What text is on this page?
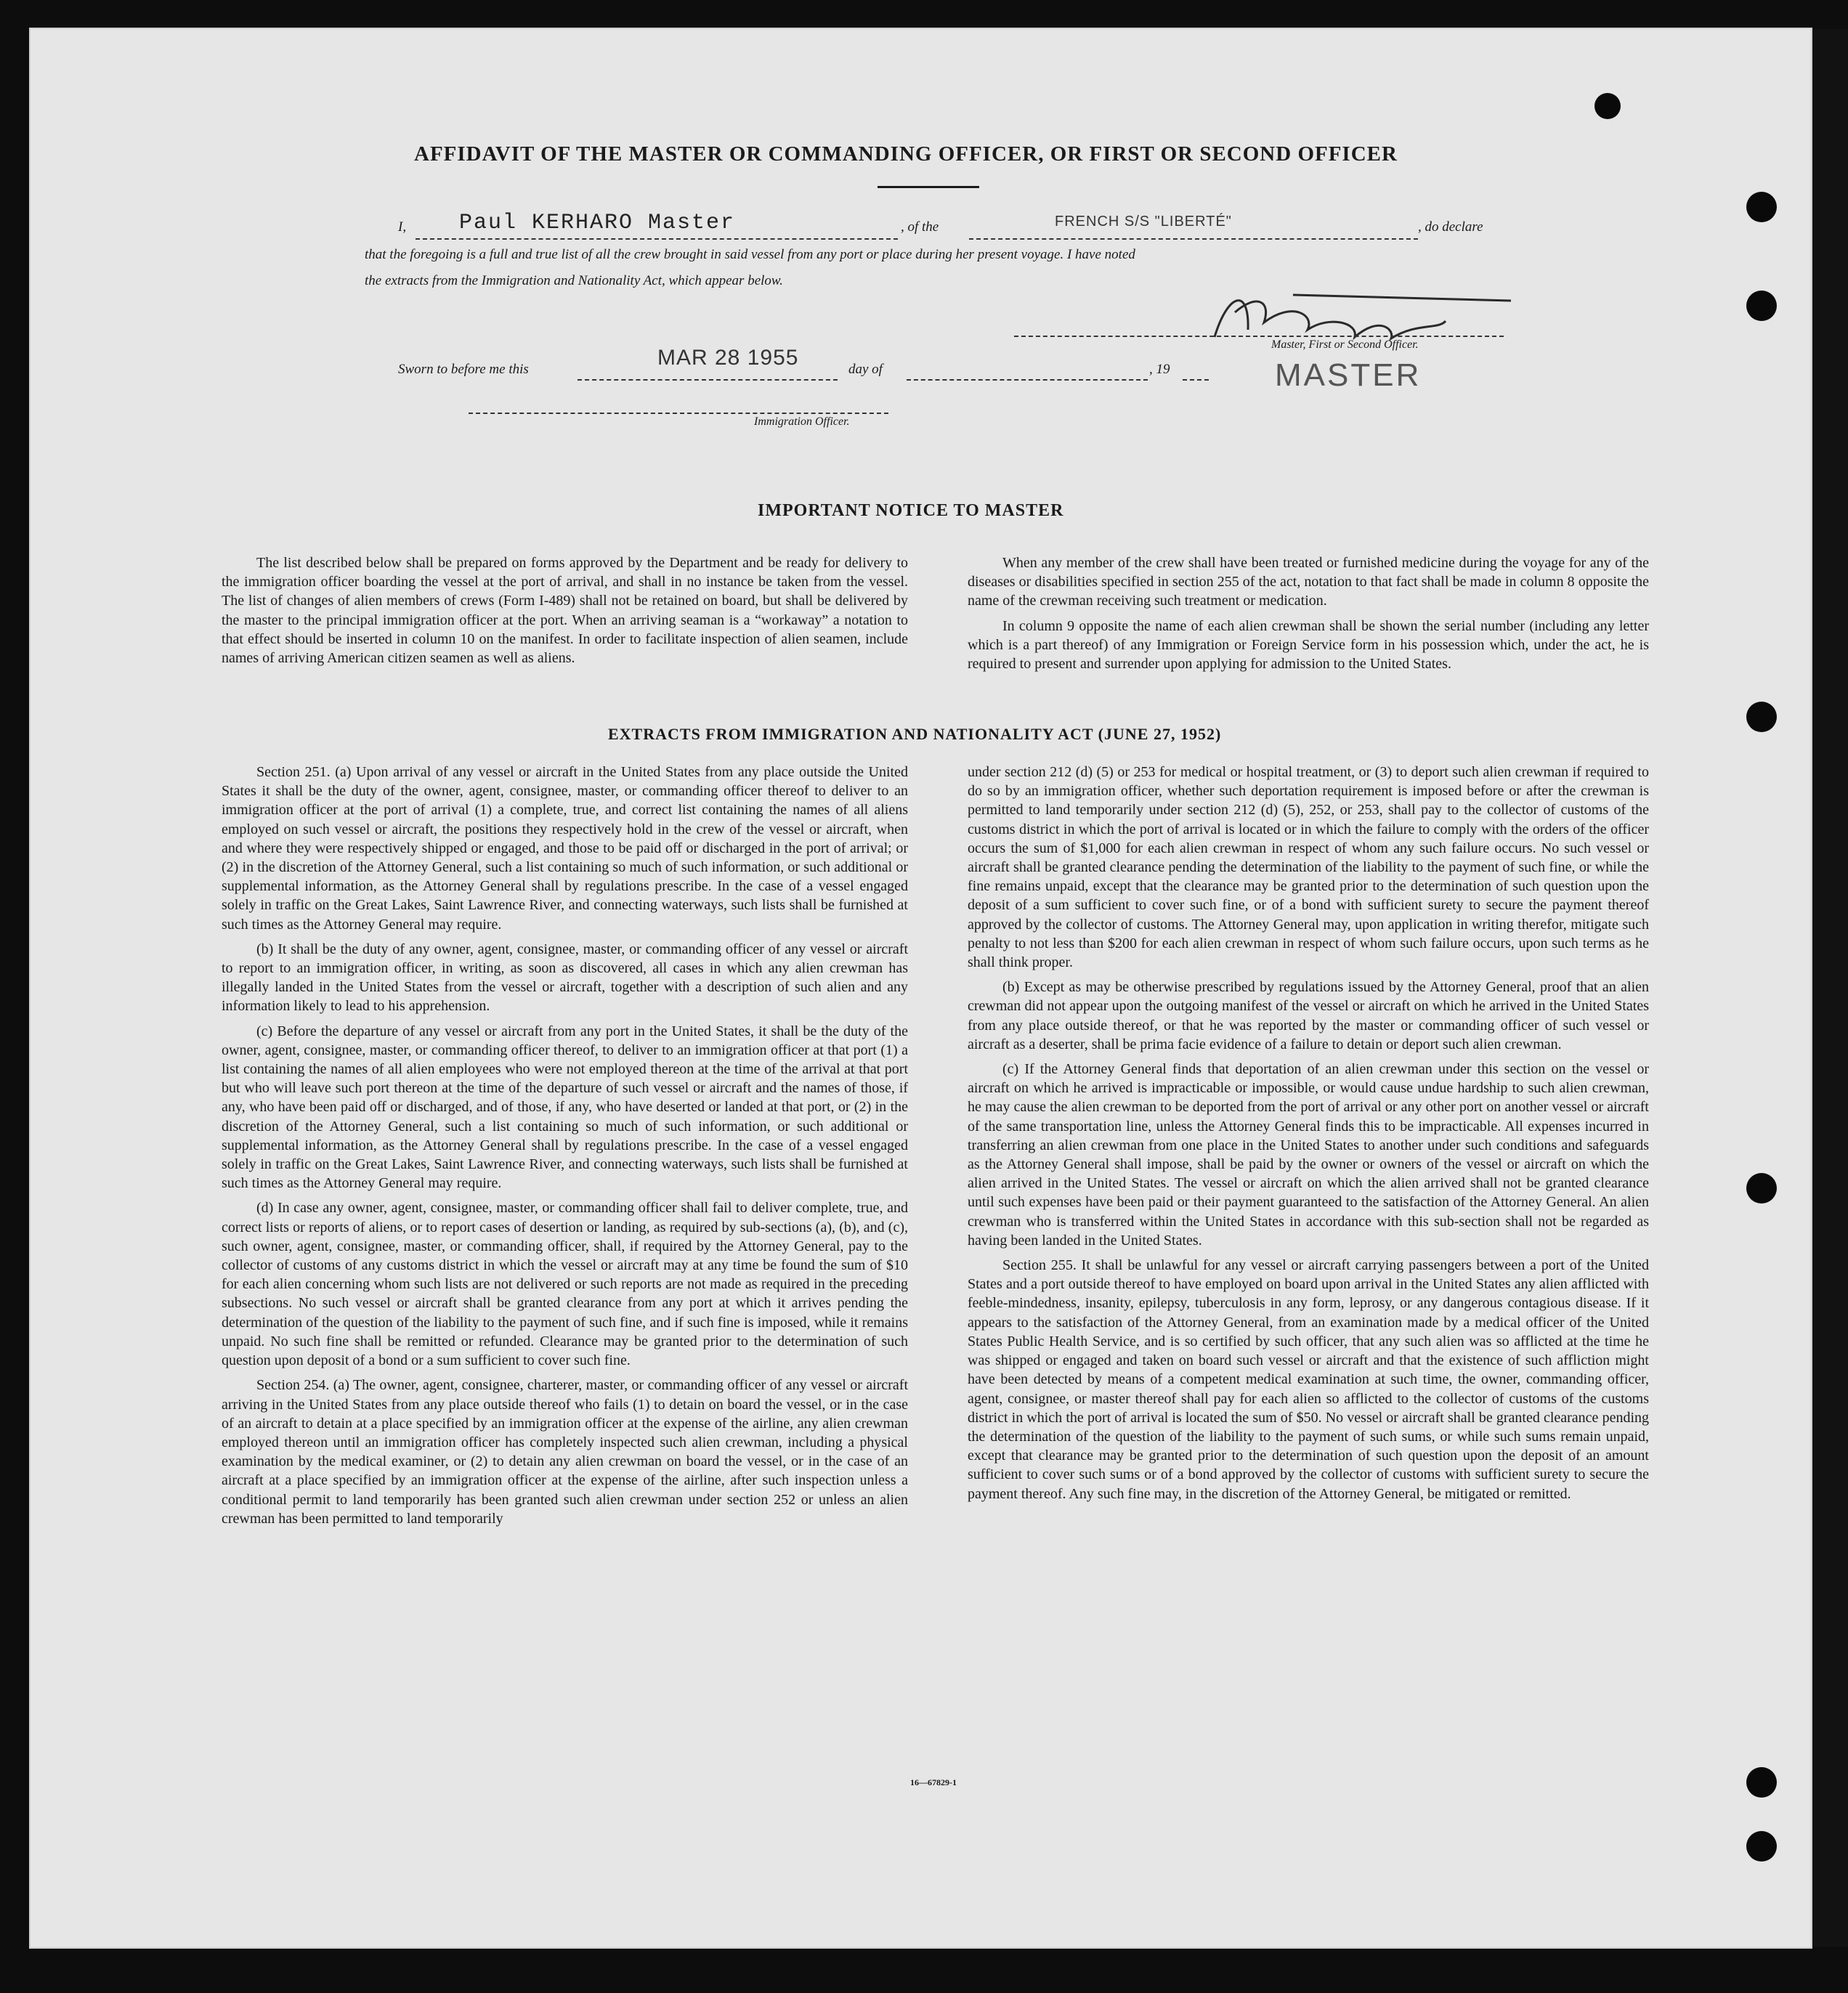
AFFIDAVIT OF THE MASTER OR COMMANDING OFFICER, OR FIRST OR SECOND OFFICER
I, Paul KERHARO Master	, of the	FRENCH S/S "LIBERTÉ"	, do declare
that the foregoing is a full and true list of all the crew brought in said vessel from any port or place during her present voyage. I have noted
the extracts from the Immigration and Nationality Act, which appear below.
Master, First or Second Officer.
MASTER
Sworn to before me this	MAR 28 1955	day of	, 19
Immigration Officer.
IMPORTANT NOTICE TO MASTER

The list described below shall be prepared on forms approved by the Department and be ready for delivery to the immigration officer boarding the vessel at the port of arrival, and shall in no instance be taken from the vessel. The list of changes of alien members of crews (Form I-489) shall not be retained on board, but shall be delivered by the master to the principal immigration officer at the port. When an arriving seaman is a “workaway” a notation to that effect should be inserted in column 10 on the manifest. In order to facilitate inspection of alien seamen, include names of arriving American citizen seamen as well as aliens.

When any member of the crew shall have been treated or furnished medicine during the voyage for any of the diseases or disabilities specified in section 255 of the act, notation to that fact shall be made in column 8 opposite the name of the crewman receiving such treatment or medication.

In column 9 opposite the name of each alien crewman shall be shown the serial number (including any letter which is a part thereof) of any Immigration or Foreign Service form in his possession which, under the act, he is required to present and surrender upon applying for admission to the United States.

EXTRACTS FROM IMMIGRATION AND NATIONALITY ACT (JUNE 27, 1952)

Section 251. (a) Upon arrival of any vessel or aircraft in the United States from any place outside the United States it shall be the duty of the owner, agent, consignee, master, or commanding officer thereof to deliver to an immigration officer at the port of arrival (1) a complete, true, and correct list containing the names of all aliens employed on such vessel or aircraft, the positions they respectively hold in the crew of the vessel or aircraft, when and where they were respectively shipped or engaged, and those to be paid off or discharged in the port of arrival; or (2) in the discretion of the Attorney General, such a list containing so much of such information, or such additional or supplemental information, as the Attorney General shall by regulations prescribe. In the case of a vessel engaged solely in traffic on the Great Lakes, Saint Lawrence River, and connecting waterways, such lists shall be furnished at such times as the Attorney General may require.

(b) It shall be the duty of any owner, agent, consignee, master, or commanding officer of any vessel or aircraft to report to an immigration officer, in writing, as soon as discovered, all cases in which any alien crewman has illegally landed in the United States from the vessel or aircraft, together with a description of such alien and any information likely to lead to his apprehension.

(c) Before the departure of any vessel or aircraft from any port in the United States, it shall be the duty of the owner, agent, consignee, master, or commanding officer thereof, to deliver to an immigration officer at that port (1) a list containing the names of all alien employees who were not employed thereon at the time of the arrival at that port but who will leave such port thereon at the time of the departure of such vessel or aircraft and the names of those, if any, who have been paid off or discharged, and of those, if any, who have deserted or landed at that port, or (2) in the discretion of the Attorney General, such a list containing so much of such information, or such additional or supplemental information, as the Attorney General shall by regulations prescribe. In the case of a vessel engaged solely in traffic on the Great Lakes, Saint Lawrence River, and connecting waterways, such lists shall be furnished at such times as the Attorney General may require.

(d) In case any owner, agent, consignee, master, or commanding officer shall fail to deliver complete, true, and correct lists or reports of aliens, or to report cases of desertion or landing, as required by sub-sections (a), (b), and (c), such owner, agent, consignee, master, or commanding officer, shall, if required by the Attorney General, pay to the collector of customs of any customs district in which the vessel or aircraft may at any time be found the sum of $10 for each alien concerning whom such lists are not delivered or such reports are not made as required in the preceding subsections. No such vessel or aircraft shall be granted clearance from any port at which it arrives pending the determination of the question of the liability to the payment of such fine, and if such fine is imposed, while it remains unpaid. No such fine shall be remitted or refunded. Clearance may be granted prior to the determination of such question upon deposit of a bond or a sum sufficient to cover such fine.

Section 254. (a) The owner, agent, consignee, charterer, master, or commanding officer of any vessel or aircraft arriving in the United States from any place outside thereof who fails (1) to detain on board the vessel, or in the case of an aircraft to detain at a place specified by an immigration officer at the expense of the airline, any alien crewman employed thereon until an immigration officer has completely inspected such alien crewman, including a physical examination by the medical examiner, or (2) to detain any alien crewman on board the vessel, or in the case of an aircraft at a place specified by an immigration officer at the expense of the airline, after such inspection unless a conditional permit to land temporarily has been granted such alien crewman under section 252 or unless an alien crewman has been permitted to land temporarily

under section 212 (d) (5) or 253 for medical or hospital treatment, or (3) to deport such alien crewman if required to do so by an immigration officer, whether such deportation requirement is imposed before or after the crewman is permitted to land temporarily under section 212 (d) (5), 252, or 253, shall pay to the collector of customs of the customs district in which the port of arrival is located or in which the failure to comply with the orders of the officer occurs the sum of $1,000 for each alien crewman in respect of whom any such failure occurs. No such vessel or aircraft shall be granted clearance pending the determination of the liability to the payment of such fine, or while the fine remains unpaid, except that the clearance may be granted prior to the determination of such question upon the deposit of a sum sufficient to cover such fine, or of a bond with sufficient surety to secure the payment thereof approved by the collector of customs. The Attorney General may, upon application in writing therefor, mitigate such penalty to not less than $200 for each alien crewman in respect of whom such failure occurs, upon such terms as he shall think proper.

(b) Except as may be otherwise prescribed by regulations issued by the Attorney General, proof that an alien crewman did not appear upon the outgoing manifest of the vessel or aircraft on which he arrived in the United States from any place outside thereof, or that he was reported by the master or commanding officer of such vessel or aircraft as a deserter, shall be prima facie evidence of a failure to detain or deport such alien crewman.

(c) If the Attorney General finds that deportation of an alien crewman under this section on the vessel or aircraft on which he arrived is impracticable or impossible, or would cause undue hardship to such alien crewman, he may cause the alien crewman to be deported from the port of arrival or any other port on another vessel or aircraft of the same transportation line, unless the Attorney General finds this to be impracticable. All expenses incurred in transferring an alien crewman from one place in the United States to another under such conditions and safeguards as the Attorney General shall impose, shall be paid by the owner or owners of the vessel or aircraft on which the alien arrived in the United States. The vessel or aircraft on which the alien arrived shall not be granted clearance until such expenses have been paid or their payment guaranteed to the satisfaction of the Attorney General. An alien crewman who is transferred within the United States in accordance with this sub-section shall not be regarded as having been landed in the United States.

Section 255. It shall be unlawful for any vessel or aircraft carrying passengers between a port of the United States and a port outside thereof to have employed on board upon arrival in the United States any alien afflicted with feeble-mindedness, insanity, epilepsy, tuberculosis in any form, leprosy, or any dangerous contagious disease. If it appears to the satisfaction of the Attorney General, from an examination made by a medical officer of the United States Public Health Service, and is so certified by such officer, that any such alien was so afflicted at the time he was shipped or engaged and taken on board such vessel or aircraft and that the existence of such affliction might have been detected by means of a competent medical examination at such time, the owner, commanding officer, agent, consignee, or master thereof shall pay for each alien so afflicted to the collector of customs of the customs district in which the port of arrival is located the sum of $50. No vessel or aircraft shall be granted clearance pending the determination of the question of the liability to the payment of such sums, or while such sums remain unpaid, except that clearance may be granted prior to the determination of such question upon the deposit of an amount sufficient to cover such sums or of a bond approved by the collector of customs with sufficient surety to secure the payment thereof. Any such fine may, in the discretion of the Attorney General, be mitigated or remitted.

16—67829-1
